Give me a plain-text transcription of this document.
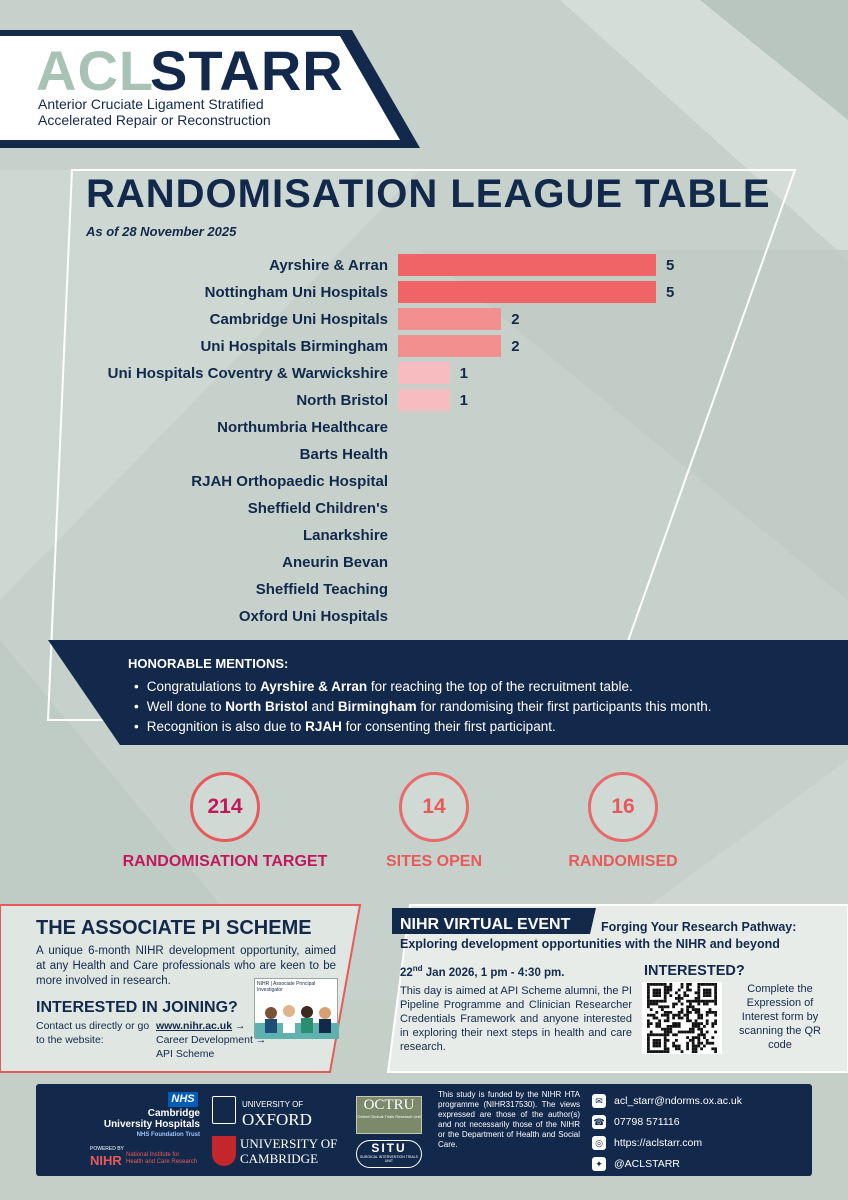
ACL
STARR
Anterior Cruciate Ligament Stratified
Accelerated Repair or Reconstruction
RANDOMISATION LEAGUE TABLE
As of 28 November 2025
Ayrshire & Arran	5
Nottingham Uni Hospitals	5
Cambridge Uni Hospitals	2
Uni Hospitals Birmingham	2
Uni Hospitals Coventry & Warwickshire	1
North Bristol	1
Northumbria Healthcare
Barts Health
RJAH Orthopaedic Hospital
Sheffield Children's
Lanarkshire
Aneurin Bevan
Sheffield Teaching
Oxford Uni Hospitals
HONORABLE MENTIONS:
• Congratulations to Ayrshire & Arran for reaching the top of the recruitment table.
• Well done to North Bristol and Birmingham for randomising their first participants this month.
• Recognition is also due to RJAH for consenting their first participant.
214
RANDOMISATION TARGET
14
SITES OPEN
16
RANDOMISED
THE ASSOCIATE PI SCHEME
A unique 6-month NIHR development opportunity, aimed at any Health and Care professionals who are keen to be more involved in research.	NIHR | Associate Principal Investigator
INTERESTED IN JOINING?
Contact us directly or go to the website:
www.nihr.ac.uk →
Career Development →
API Scheme
NIHR VIRTUAL EVENT Forging Your Research Pathway:
Exploring development opportunities with the NIHR and beyond
22nd Jan 2026, 1 pm - 4:30 pm.
This day is aimed at API Scheme alumni, the PI Pipeline Programme and Clinician Researcher Credentials Framework and anyone interested in exploring their next steps in health and care research.
INTERESTED?
Complete the Expression of Interest form by scanning the QR code
NHS
Cambridge
University Hospitals
NHS Foundation Trust
POWERED BY
NIHR National Institute for
Health and Care Research
UNIVERSITY OF
OXFORD
UNIVERSITY OF
CAMBRIDGE
OCTRU
Oxford Clinical Trials Research Unit
SITU
SURGICAL INTERVENTION TRIALS UNIT
This study is funded by the NIHR HTA programme (NIHR317530). The views expressed are those of the author(s) and not necessarily those of the NIHR or the Department of Health and Social Care.
✉	acl_starr@ndorms.ox.ac.uk
☎ 07798 571116
◎ https://aclstarr.com
✦	@ACLSTARR
